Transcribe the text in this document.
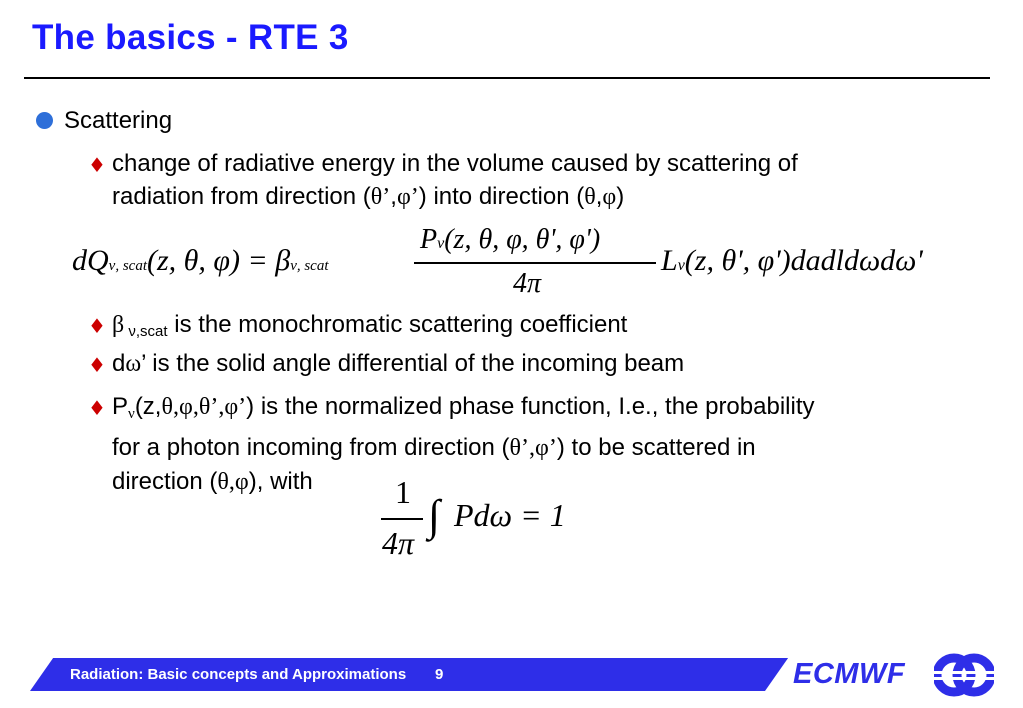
The basics - RTE 3
Scattering
♦ change of radiative energy in the volume caused by scattering of
radiation from direction (θ’,φ’) into direction (θ,φ)
dQν, scat(z, θ, φ) = βν, scat
Pν(z, θ, φ, θ', φ')
4π
Lν(z, θ', φ')dadldωdω'
♦ β $_{\nu,scat}$ is the monochromatic scattering coefficient
♦ dω’ is the solid angle differential of the incoming beam
♦ $P_\nu(z,\theta,\varphi,\theta’,\varphi’)$ is the normalized phase function, I.e., the probability
for a photon incoming from direction (θ’,φ’) to be scattered in
direction (θ,φ), with	1
4π
∫ Pdω = 1
Radiation: Basic concepts and Approximations 9	ECMWF
